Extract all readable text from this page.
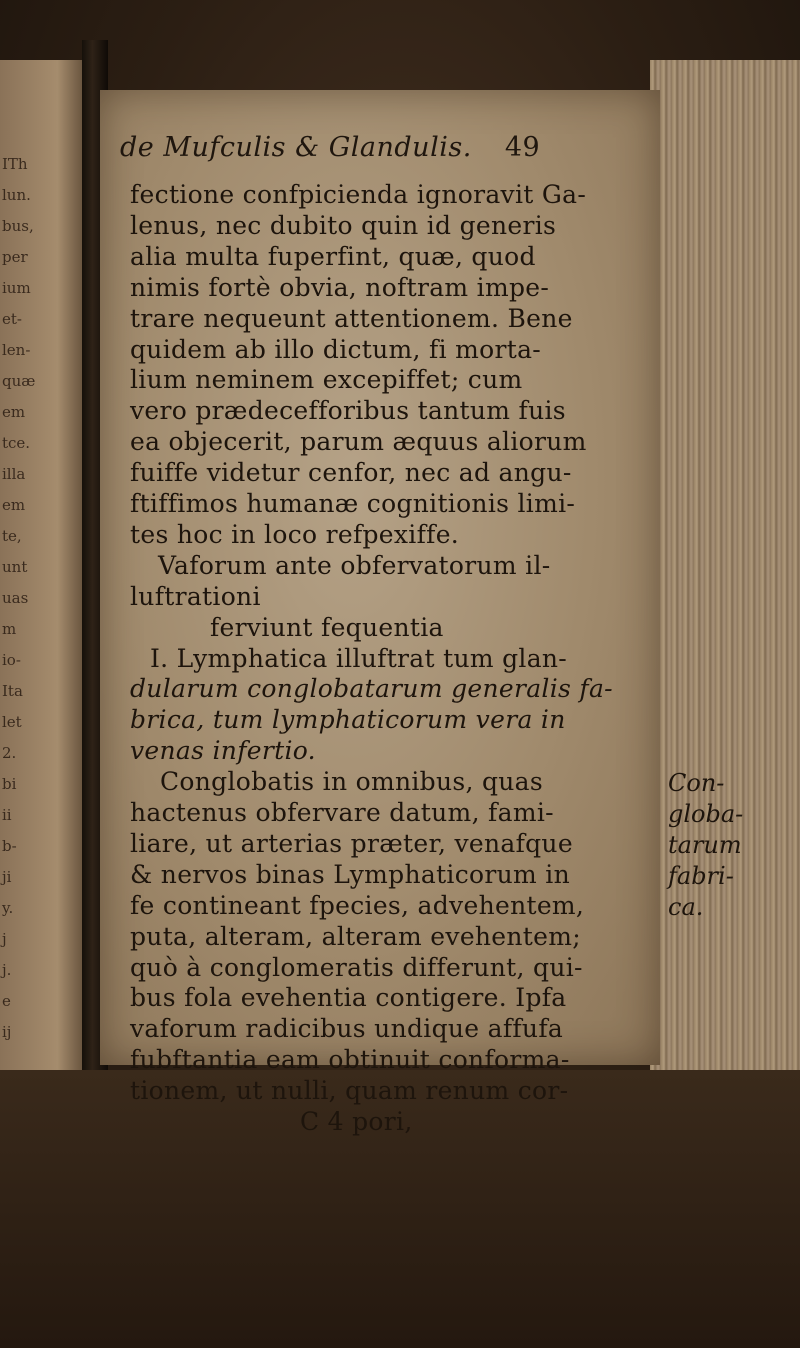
ITh
lun.
bus,
per
ium
et-
len-
quæ
em
tce.
illa
em
te,
unt
uas
m
io-
Ita
let
2.
bi
ii
b-
ji
y.
j
j.
e
ij
de Mufculis & Glandulis. 49
fectione confpicienda ignoravit Ga-
lenus, nec dubito quin id generis
alia multa fuperfint, quæ, quod
nimis fortè obvia, noftram impe-
trare nequeunt attentionem. Bene
quidem ab illo dictum, fi morta-
lium neminem excepiffet; cum
vero prædecefforibus tantum fuis
ea objecerit, parum æquus aliorum
fuiffe videtur cenfor, nec ad angu-
ftiffimos humanæ cognitionis limi-
tes hoc in loco refpexiffe.
Vaforum ante obfervatorum il-
luftrationi
ferviunt fequentia
I. Lymphatica illuftrat tum glan-
dularum conglobatarum generalis fa-
brica, tum lymphaticorum vera in
venas infertio.
Conglobatis in omnibus, quas
hactenus obfervare datum, fami-
liare, ut arterias præter, venafque
& nervos binas Lymphaticorum in
fe contineant fpecies, advehentem,
puta, alteram, alteram evehentem;
quò à conglomeratis differunt, qui-
bus fola evehentia contigere. Ipfa
vaforum radicibus undique affufa
fubftantia eam obtinuit conforma-
tionem, ut nulli, quam renum cor-
C 4 pori,
Con-
globa-
tarum
fabri-
ca.
